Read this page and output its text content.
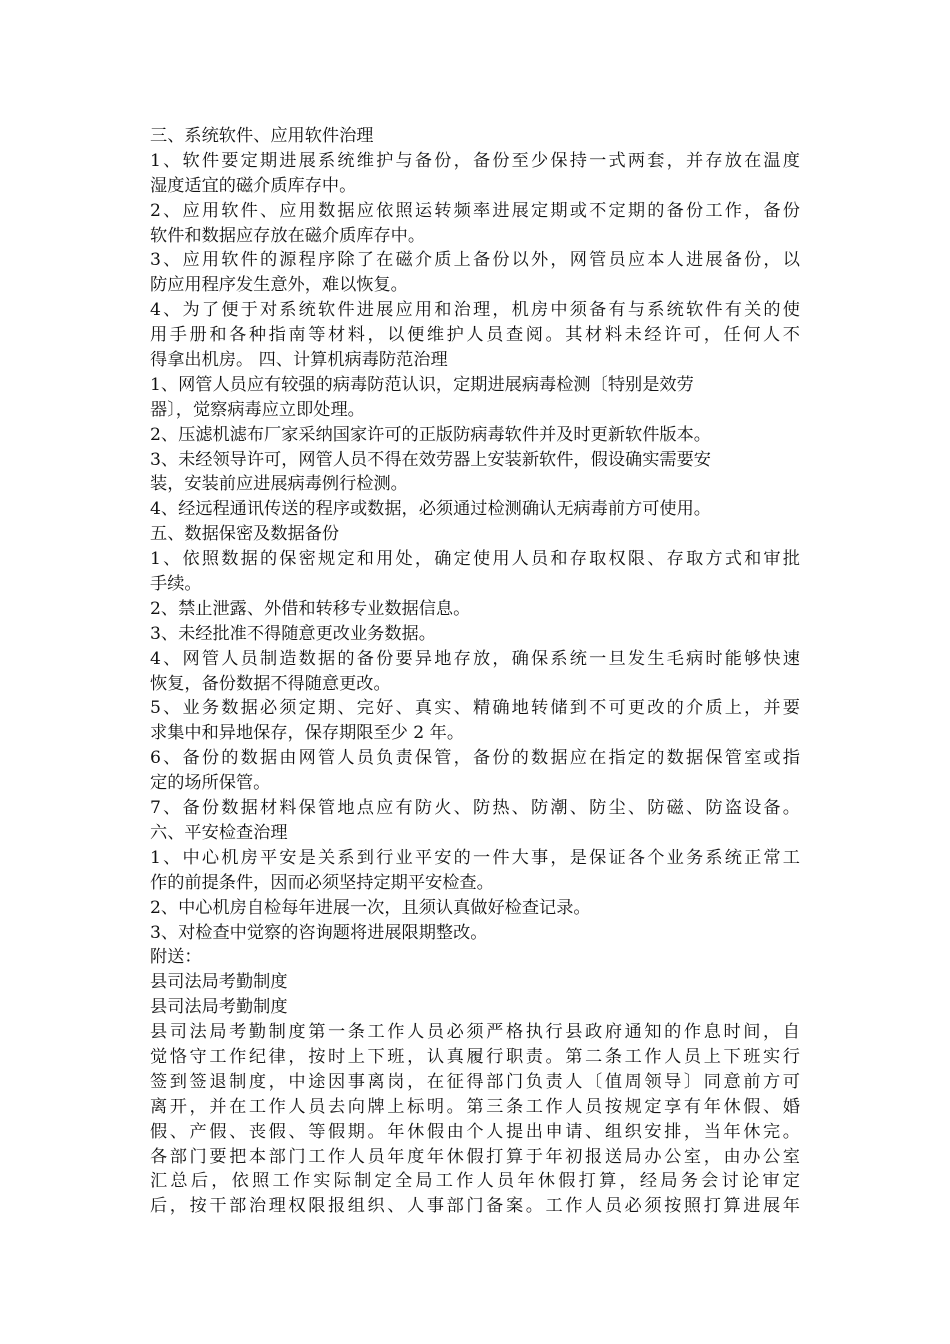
三、系统软件、应用软件治理
1、软件要定期进展系统维护与备份，备份至少保持一式两套，并存放在温度
湿度适宜的磁介质库存中。
2、应用软件、应用数据应依照运转频率进展定期或不定期的备份工作，备份
软件和数据应存放在磁介质库存中。
3、应用软件的源程序除了在磁介质上备份以外，网管员应本人进展备份，以
防应用程序发生意外，难以恢复。
4、为了便于对系统软件进展应用和治理，机房中须备有与系统软件有关的使
用手册和各种指南等材料，以便维护人员查阅。其材料未经许可，任何人不
得拿出机房。 四、计算机病毒防范治理
1、网管人员应有较强的病毒防范认识，定期进展病毒检测〔特别是效劳
器〕，觉察病毒应立即处理。
2、压滤机滤布厂家采纳国家许可的正版防病毒软件并及时更新软件版本。
3、未经领导许可，网管人员不得在效劳器上安装新软件，假设确实需要安
装，安装前应进展病毒例行检测。
4、经远程通讯传送的程序或数据，必须通过检测确认无病毒前方可使用。
五、数据保密及数据备份
1、依照数据的保密规定和用处，确定使用人员和存取权限、存取方式和审批
手续。
2、禁止泄露、外借和转移专业数据信息。
3、未经批准不得随意更改业务数据。
4、网管人员制造数据的备份要异地存放，确保系统一旦发生毛病时能够快速
恢复，备份数据不得随意更改。
5、业务数据必须定期、完好、真实、精确地转储到不可更改的介质上，并要
求集中和异地保存，保存期限至少 2 年。
6、备份的数据由网管人员负责保管，备份的数据应在指定的数据保管室或指
定的场所保管。
7、备份数据材料保管地点应有防火、防热、防潮、防尘、防磁、防盗设备。
六、平安检查治理
1、中心机房平安是关系到行业平安的一件大事，是保证各个业务系统正常工
作的前提条件，因而必须坚持定期平安检查。
2、中心机房自检每年进展一次，且须认真做好检查记录。
3、对检查中觉察的咨询题将进展限期整改。
附送：
县司法局考勤制度
县司法局考勤制度
县司法局考勤制度第一条工作人员必须严格执行县政府通知的作息时间，自
觉恪守工作纪律，按时上下班，认真履行职责。第二条工作人员上下班实行
签到签退制度，中途因事离岗，在征得部门负责人〔值周领导〕同意前方可
离开，并在工作人员去向牌上标明。第三条工作人员按规定享有年休假、婚
假、产假、丧假、等假期。年休假由个人提出申请、组织安排，当年休完。
各部门要把本部门工作人员年度年休假打算于年初报送局办公室，由办公室
汇总后，依照工作实际制定全局工作人员年休假打算，经局务会讨论审定
后，按干部治理权限报组织、人事部门备案。工作人员必须按照打算进展年
